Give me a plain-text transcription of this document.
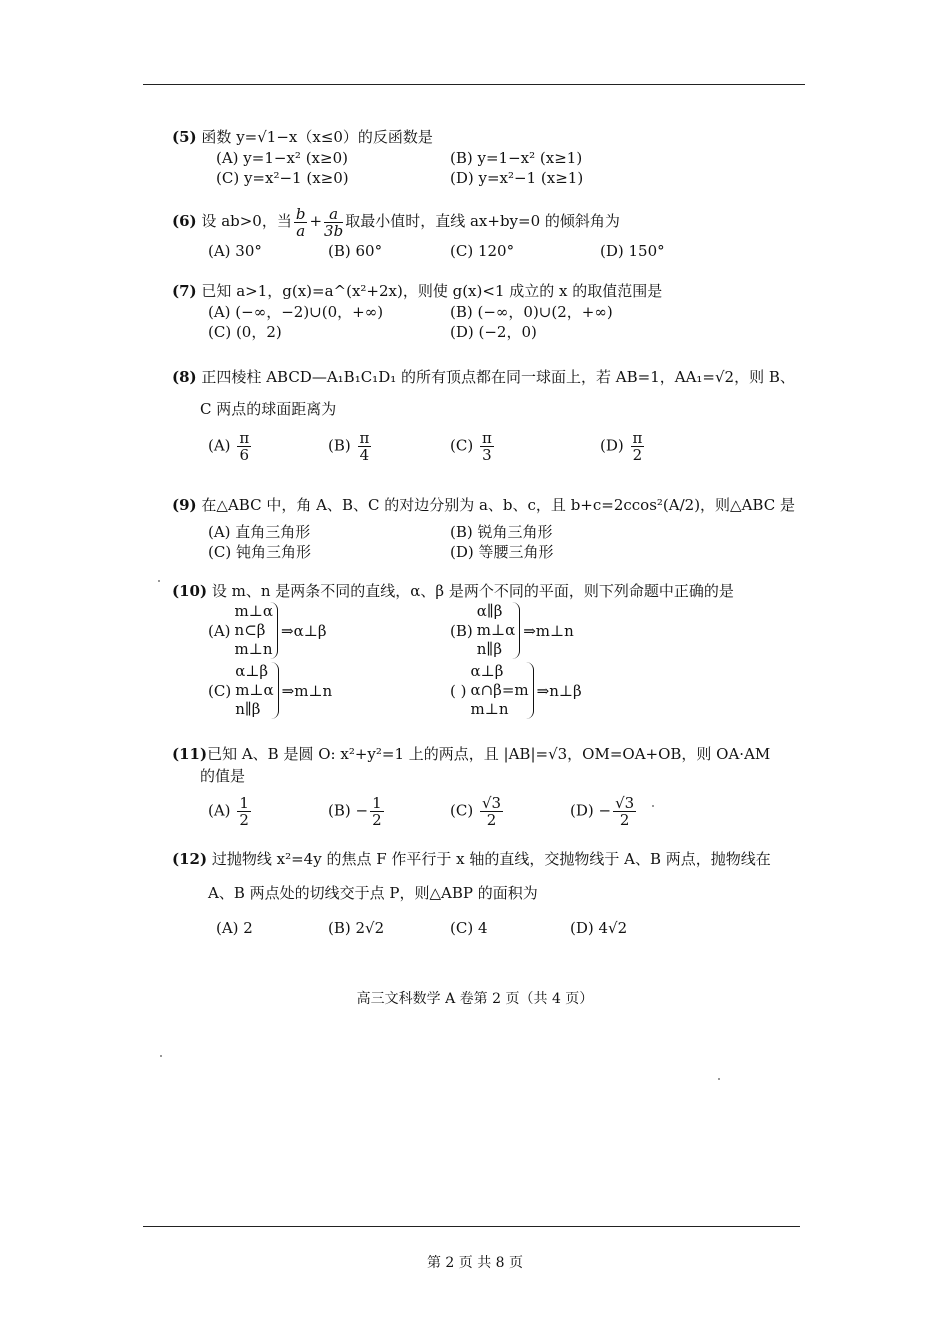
(5) 函数 y=√1−x（x≤0）的反函数是
(A) y=1−x² (x≥0)	(B) y=1−x² (x≥1)
(C) y=x²−1 (x≥0)	(D) y=x²−1 (x≥1)
(6) 设 ab>0，当 $\frac{b}{a} + \frac{a}{3b}$ 取最小值时，直线 ax+by=0 的倾斜角为
(A) 30°	(B) 60°	(C) 120°	(D) 150°
(7) 已知 a>1，g(x)=a^(x²+2x)，则使 g(x)<1 成立的 x 的取值范围是
(A) (−∞，−2)∪(0，+∞)	(B) (−∞，0)∪(2，+∞)
(C) (0，2)	(D) (−2，0)
(8) 正四棱柱 ABCD—A₁B₁C₁D₁ 的所有顶点都在同一球面上，若 AB=1，AA₁=√2，则 B、
C 两点的球面距离为
$(A) \frac{\pi}{6}$	$(B) \frac{\pi}{4}$	$(C) \frac{\pi}{3}$	$(D) \frac{\pi}{2}$
(9) 在△ABC 中，角 A、B、C 的对边分别为 a、b、c，且 b+c=2ccos²(A/2)，则△ABC 是
(A) 直角三角形	(B) 锐角三角形
(C) 钝角三角形	(D) 等腰三角形
(10) 设 m、n 是两条不同的直线，α、β 是两个不同的平面，则下列命题中正确的是
(A)m⊥α
n⊂β
m⊥n⇒α⊥β	(B)α∥β
m⊥α
n∥β⇒m⊥n
(C)α⊥β
m⊥α
n∥β⇒m⊥n	( )α⊥β
α∩β=m
m⊥n⇒n⊥β
(11)已知 A、B 是圆 O: x²+y²=1 上的两点，且 |AB|=√3，OM=OA+OB，则 OA·AM
的值是
$(A) \frac{1}{2}$	$(B) - \frac{1}{2}$	$(C) \frac{√3}{2}$	$(D) - \frac{√3}{2}$
(12) 过抛物线 x²=4y 的焦点 F 作平行于 x 轴的直线，交抛物线于 A、B 两点，抛物线在
A、B 两点处的切线交于点 P，则△ABP 的面积为
(A) 2	(B) 2√2	(C) 4	(D) 4√2
高三文科数学 A 卷第 2 页（共 4 页）
第 2 页 共 8 页
